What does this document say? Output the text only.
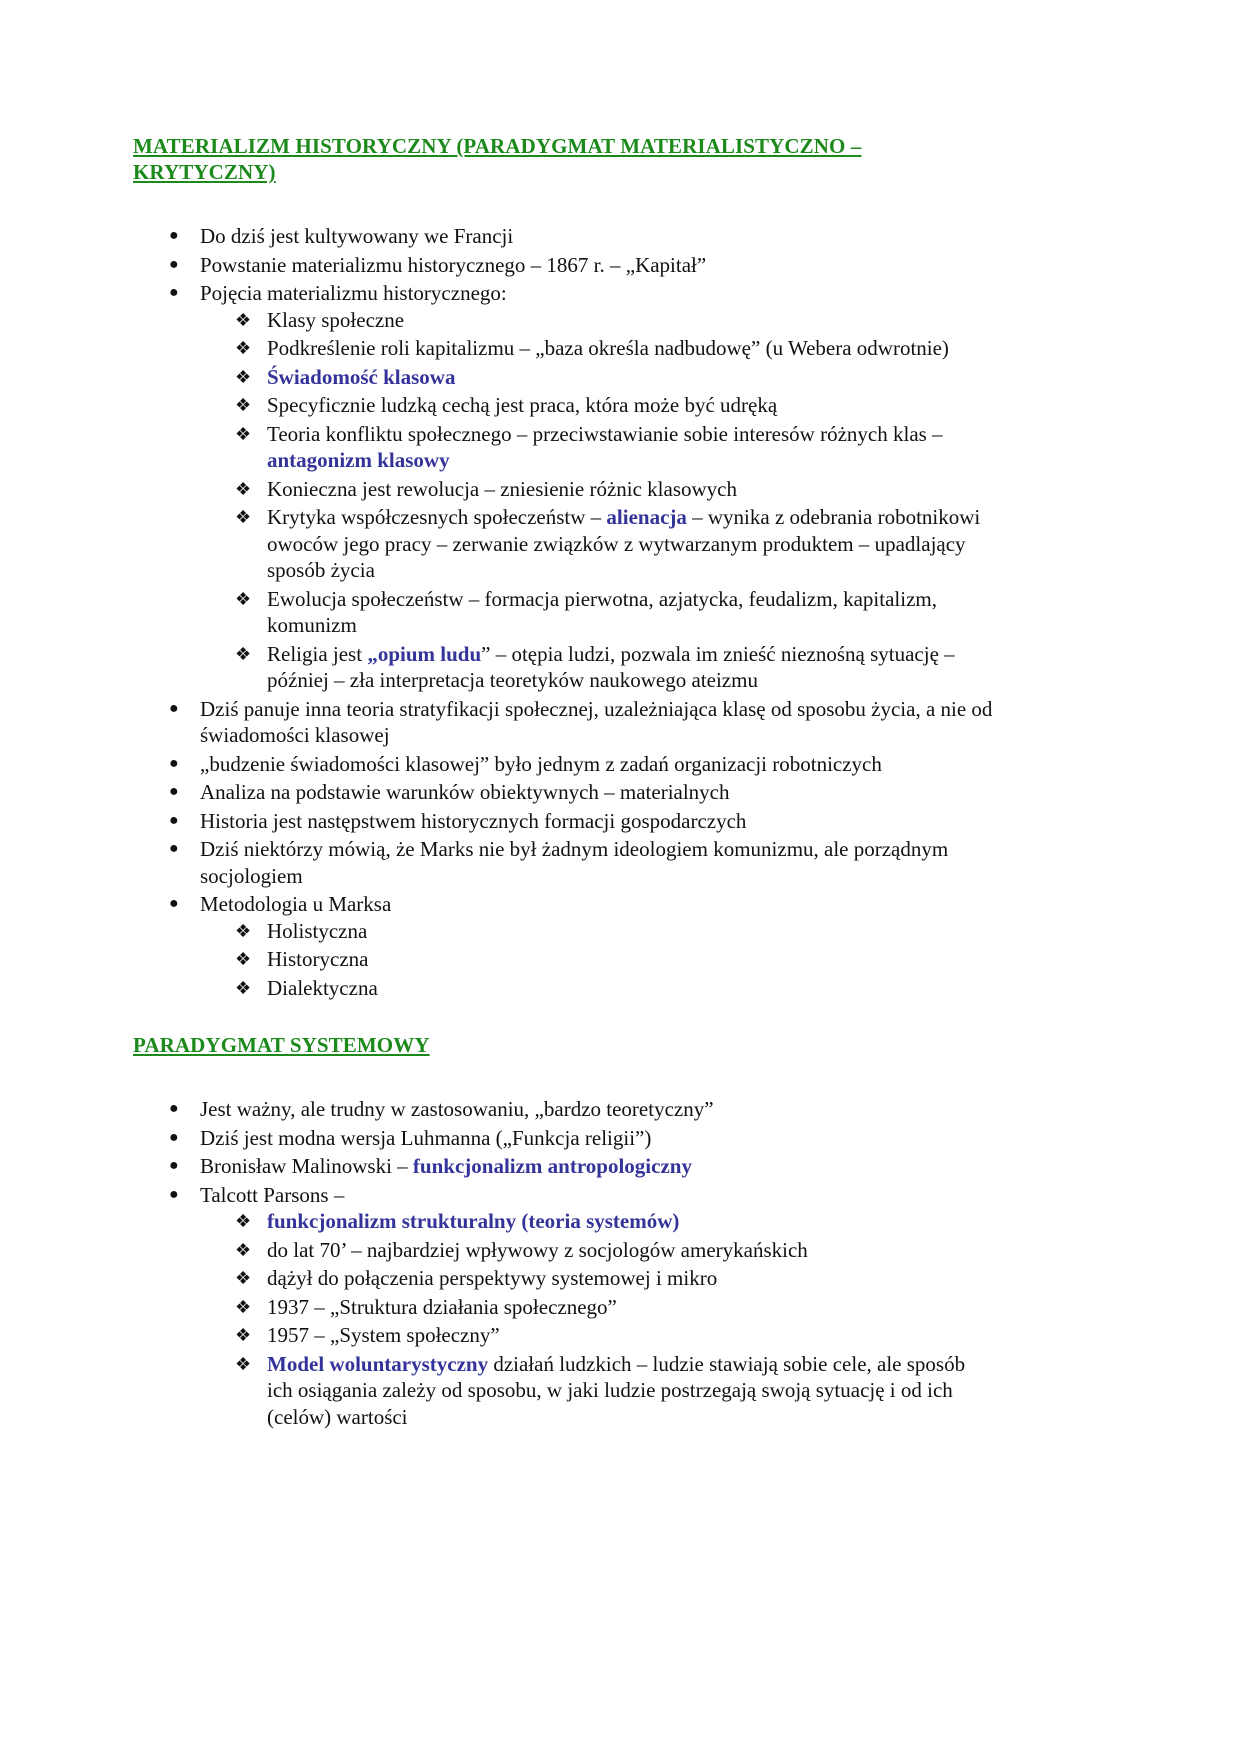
MATERIALIZM HISTORYCZNY (PARADYGMAT MATERIALISTYCZNO – KRYTYCZNY)
● Do dziś jest kultywowany we Francji
● Powstanie materializmu historycznego – 1867 r. – „Kapitał”
● Pojęcia materializmu historycznego:
❖ Klasy społeczne
❖ Podkreślenie roli kapitalizmu – „baza określa nadbudowę” (u Webera odwrotnie)
❖ Świadomość klasowa
❖ Specyficznie ludzką cechą jest praca, która może być udręką
❖ Teoria konfliktu społecznego – przeciwstawianie sobie interesów różnych klas – antagonizm klasowy
❖ Konieczna jest rewolucja – zniesienie różnic klasowych
❖ Krytyka współczesnych społeczeństw – alienacja – wynika z odebrania robotnikowi owoców jego pracy – zerwanie związków z wytwarzanym produktem – upadlający sposób życia
❖ Ewolucja społeczeństw – formacja pierwotna, azjatycka, feudalizm, kapitalizm, komunizm
❖ Religia jest „opium ludu” – otępia ludzi, pozwala im znieść nieznośną sytuację – później – zła interpretacja teoretyków naukowego ateizmu
● Dziś panuje inna teoria stratyfikacji społecznej, uzależniająca klasę od sposobu życia, a nie od świadomości klasowej
● „budzenie świadomości klasowej” było jednym z zadań organizacji robotniczych
● Analiza na podstawie warunków obiektywnych – materialnych
● Historia jest następstwem historycznych formacji gospodarczych
● Dziś niektórzy mówią, że Marks nie był żadnym ideologiem komunizmu, ale porządnym socjologiem
● Metodologia u Marksa
❖ Holistyczna
❖ Historyczna
❖ Dialektyczna
PARADYGMAT SYSTEMOWY
● Jest ważny, ale trudny w zastosowaniu, „bardzo teoretyczny”
● Dziś jest modna wersja Luhmanna („Funkcja religii”)
● Bronisław Malinowski – funkcjonalizm antropologiczny
● Talcott Parsons –
❖ funkcjonalizm strukturalny (teoria systemów)
❖ do lat 70’ – najbardziej wpływowy z socjologów amerykańskich
❖ dążył do połączenia perspektywy systemowej i mikro
❖ 1937 – „Struktura działania społecznego”
❖ 1957 – „System społeczny”
❖ Model woluntarystyczny działań ludzkich – ludzie stawiają sobie cele, ale sposób ich osiągania zależy od sposobu, w jaki ludzie postrzegają swoją sytuację i od ich (celów) wartości
